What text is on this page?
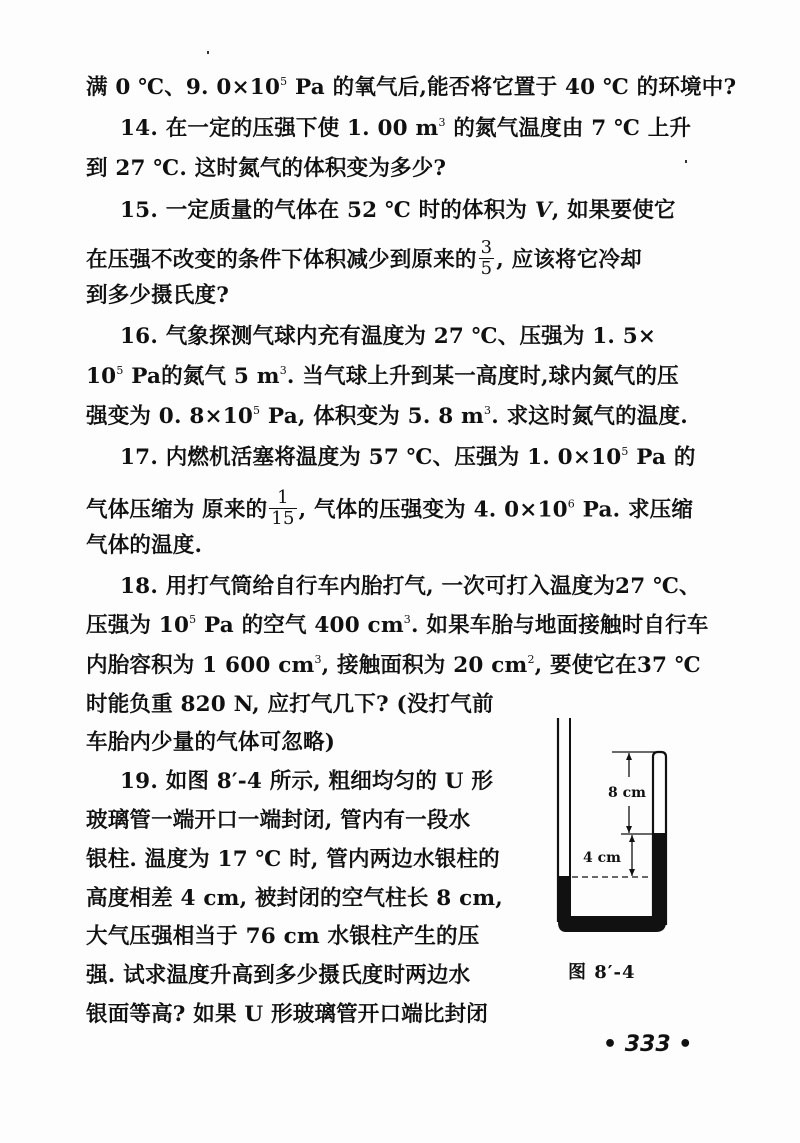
满 0 ℃、9. $0\times 10^5$ Pa 的氧气后,能否将它置于 40 ℃ 的环境中?
14. 在一定的压强下使 1. 00 $m^3$ 的氮气温度由 7 ℃ 上升
到 27 ℃. 这时氮气的体积变为多少?
15. 一定质量的气体在 52 ℃ 时的体积为 V, 如果要使它
在压强不改变的条件下体积减少到原来的 $\frac{3}{5}$ , 应该将它冷却
到多少摄氏度?
16. 气象探测气球内充有温度为 27 ℃、压强为 1. 5×
$10^5$ Pa的氮气 5 $m^3$. 当气球上升到某一高度时,球内氮气的压
强变为 0. $8\times 10^5$ Pa, 体积变为 5. 8 $m^3$. 求这时氮气的温度.
17. 内燃机活塞将温度为 57 ℃、压强为 1. $0\times 10^5$ Pa 的
气体压缩为 原来的 $\frac{1}{15}$ , 气体的压强变为 4. $0\times 10^6$ Pa. 求压缩
气体的温度.
18. 用打气筒给自行车内胎打气, 一次可打入温度为27 ℃、
压强为 $10^5$ Pa 的空气 400 $cm^3$. 如果车胎与地面接触时自行车
内胎容积为 1 600 $cm^3$, 接触面积为 20 $cm^2$, 要使它在37 ℃
时能负重 820 N, 应打气几下? (没打气前
车胎内少量的气体可忽略)
19. 如图 8′-4 所示, 粗细均匀的 U 形
玻璃管一端开口一端封闭, 管内有一段水
银柱. 温度为 17 ℃ 时, 管内两边水银柱的
高度相差 4 cm, 被封闭的空气柱长 8 cm,
大气压强相当于 76 cm 水银柱产生的压
强. 试求温度升高到多少摄氏度时两边水
银面等高? 如果 U 形玻璃管开口端比封闭
8 cm
4 cm
图 8′-4
• 333 •
